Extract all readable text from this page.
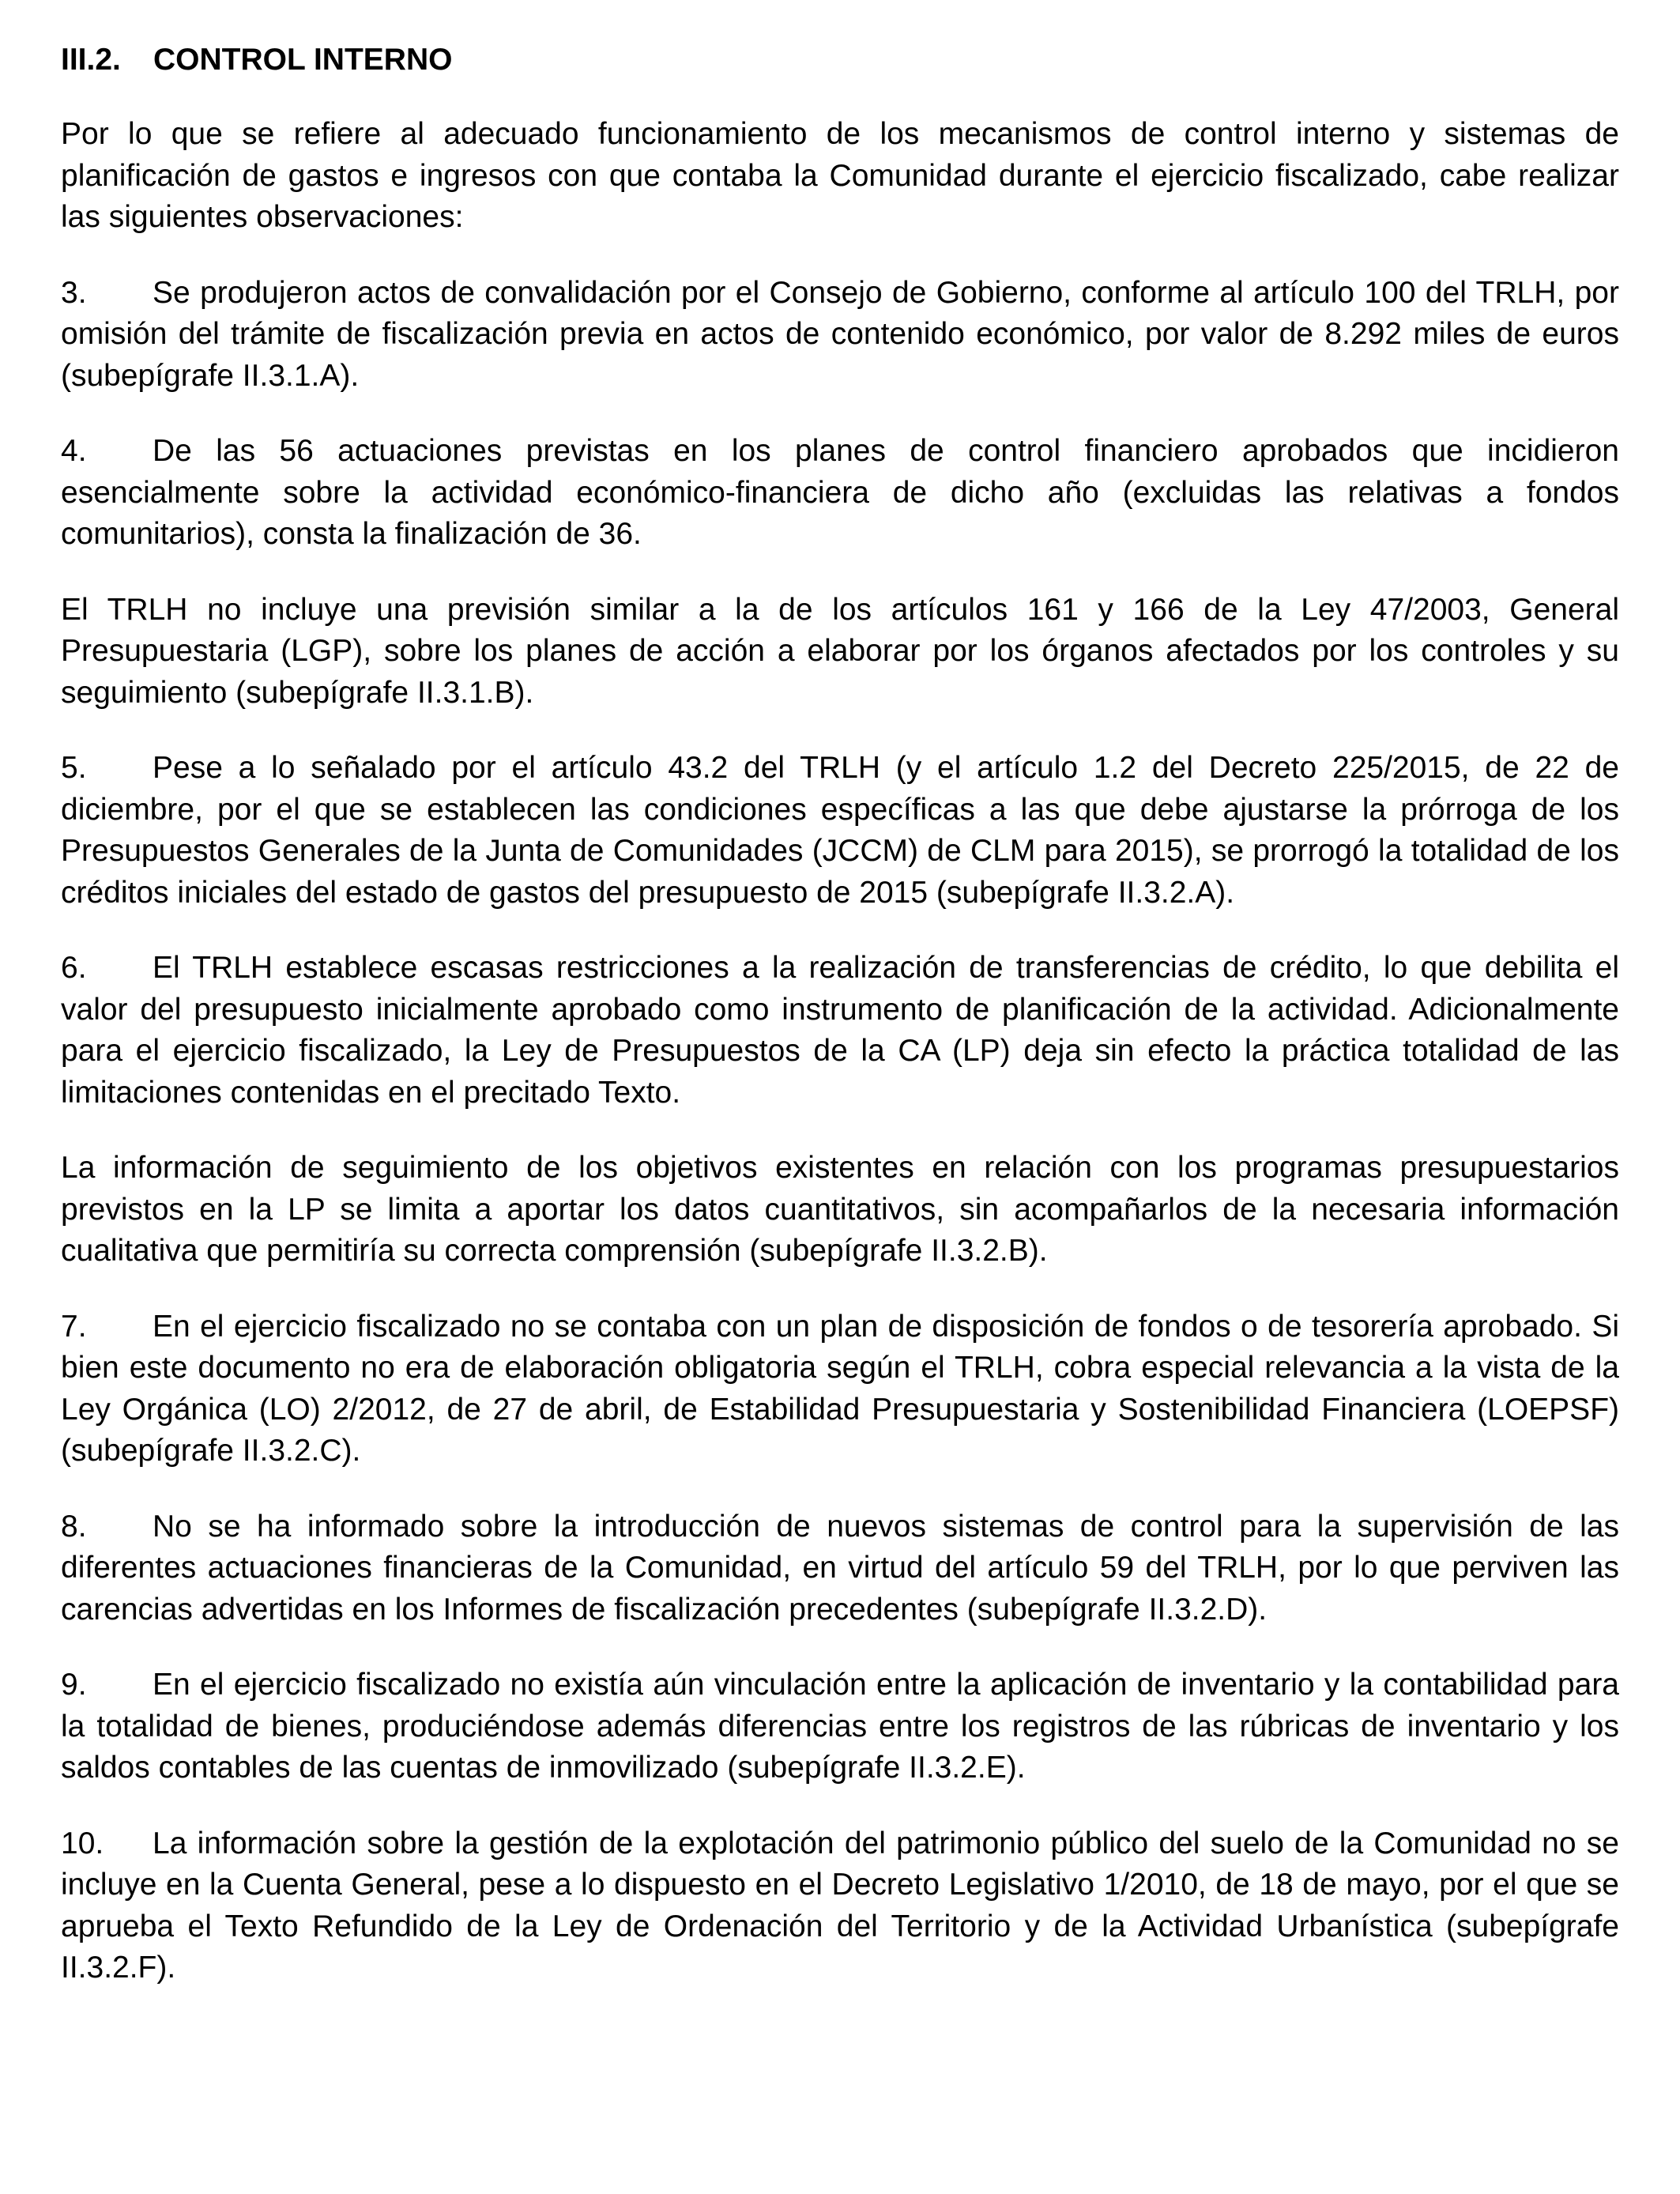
III.2. CONTROL INTERNO

Por lo que se refiere al adecuado funcionamiento de los mecanismos de control interno y sistemas de planificación de gastos e ingresos con que contaba la Comunidad durante el ejercicio fiscalizado, cabe realizar las siguientes observaciones:

3. Se produjeron actos de convalidación por el Consejo de Gobierno, conforme al artículo 100 del TRLH, por omisión del trámite de fiscalización previa en actos de contenido económico, por valor de 8.292 miles de euros (subepígrafe II.3.1.A).

4. De las 56 actuaciones previstas en los planes de control financiero aprobados que incidieron esencialmente sobre la actividad económico-financiera de dicho año (excluidas las relativas a fondos comunitarios), consta la finalización de 36.

El TRLH no incluye una previsión similar a la de los artículos 161 y 166 de la Ley 47/2003, General Presupuestaria (LGP), sobre los planes de acción a elaborar por los órganos afectados por los controles y su seguimiento (subepígrafe II.3.1.B).

5. Pese a lo señalado por el artículo 43.2 del TRLH (y el artículo 1.2 del Decreto 225/2015, de 22 de diciembre, por el que se establecen las condiciones específicas a las que debe ajustarse la prórroga de los Presupuestos Generales de la Junta de Comunidades (JCCM) de CLM para 2015), se prorrogó la totalidad de los créditos iniciales del estado de gastos del presupuesto de 2015 (subepígrafe II.3.2.A).

6. El TRLH establece escasas restricciones a la realización de transferencias de crédito, lo que debilita el valor del presupuesto inicialmente aprobado como instrumento de planificación de la actividad. Adicionalmente para el ejercicio fiscalizado, la Ley de Presupuestos de la CA (LP) deja sin efecto la práctica totalidad de las limitaciones contenidas en el precitado Texto.

La información de seguimiento de los objetivos existentes en relación con los programas presupuestarios previstos en la LP se limita a aportar los datos cuantitativos, sin acompañarlos de la necesaria información cualitativa que permitiría su correcta comprensión (subepígrafe II.3.2.B).

7. En el ejercicio fiscalizado no se contaba con un plan de disposición de fondos o de tesorería aprobado. Si bien este documento no era de elaboración obligatoria según el TRLH, cobra especial relevancia a la vista de la Ley Orgánica (LO) 2/2012, de 27 de abril, de Estabilidad Presupuestaria y Sostenibilidad Financiera (LOEPSF) (subepígrafe II.3.2.C).

8. No se ha informado sobre la introducción de nuevos sistemas de control para la supervisión de las diferentes actuaciones financieras de la Comunidad, en virtud del artículo 59 del TRLH, por lo que perviven las carencias advertidas en los Informes de fiscalización precedentes (subepígrafe II.3.2.D).

9. En el ejercicio fiscalizado no existía aún vinculación entre la aplicación de inventario y la contabilidad para la totalidad de bienes, produciéndose además diferencias entre los registros de las rúbricas de inventario y los saldos contables de las cuentas de inmovilizado (subepígrafe II.3.2.E).

10. La información sobre la gestión de la explotación del patrimonio público del suelo de la Comunidad no se incluye en la Cuenta General, pese a lo dispuesto en el Decreto Legislativo 1/2010, de 18 de mayo, por el que se aprueba el Texto Refundido de la Ley de Ordenación del Territorio y de la Actividad Urbanística (subepígrafe II.3.2.F).
